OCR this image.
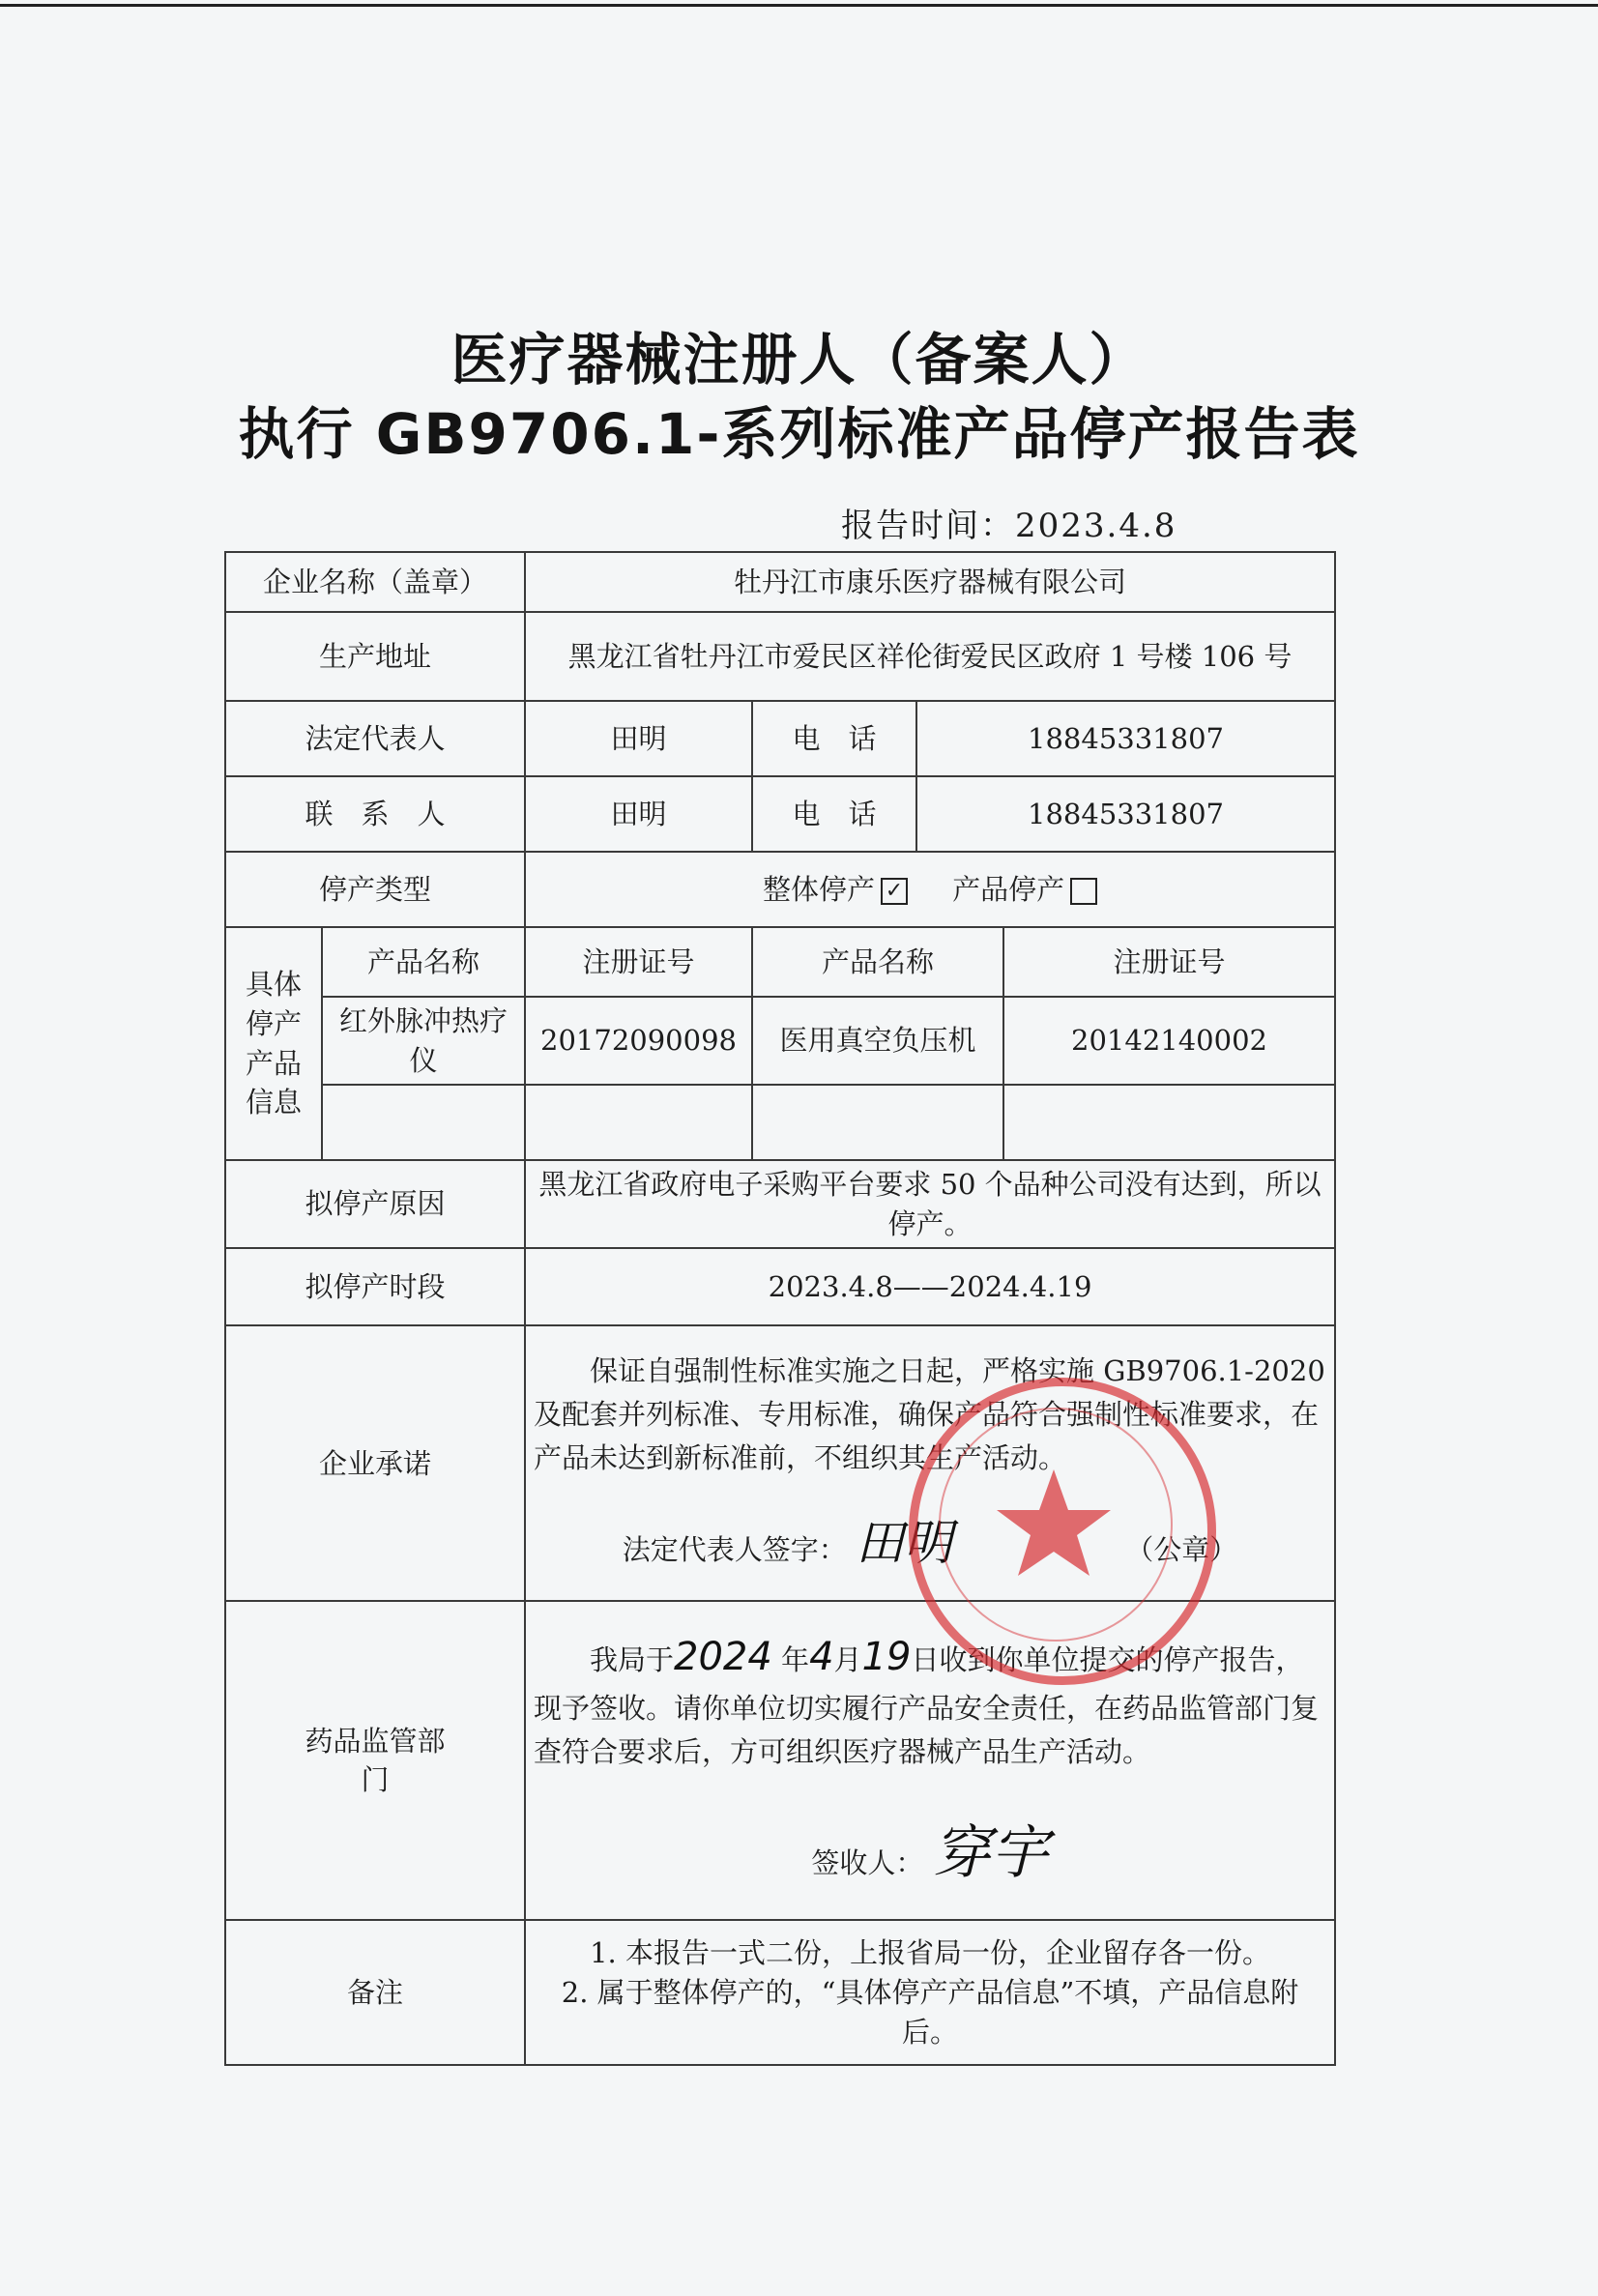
医疗器械注册人（备案人）
执行 GB9706.1-系列标准产品停产报告表
报告时间：2023.4.8
企业名称（盖章）		牡丹江市康乐医疗器械有限公司			
生产地址		黑龙江省牡丹江市爱民区祥伦街爱民区政府 1 号楼 106 号			
法定代表人		田明	电　话	18845331807	
联　系　人		田明	电　话	18845331807	
停产类型		整体停产 ✓ 产品停产			
具体停产产品信息	产品名称	注册证号	产品名称		注册证号
	红外脉冲热疗仪	20172090098	医用真空负压机		20142140002

拟停产原因		黑龙江省政府电子采购平台要求 50 个品种公司没有达到，所以停产。			
拟停产时段		2023.4.8——2024.4.19			
企业承诺		保证自强制性标准实施之日起，严格实施 GB9706.1-2020 及配套并列标准、专用标准，确保产品符合强制性标准要求，在产品未达到新标准前，不组织其生产活动。

法定代表人签字： 田明 （公章）			

药品监管部门		我局于2024 年4月19日收到你单位提交的停产报告，现予签收。请你单位切实履行产品安全责任，在药品监管部门复查符合要求后，方可组织医疗器械产品生产活动。

签收人： 穿宇			

备注		1. 本报告一式二份，上报省局一份，企业留存各一份。
2. 属于整体停产的，“具体停产产品信息”不填，产品信息附后。			
